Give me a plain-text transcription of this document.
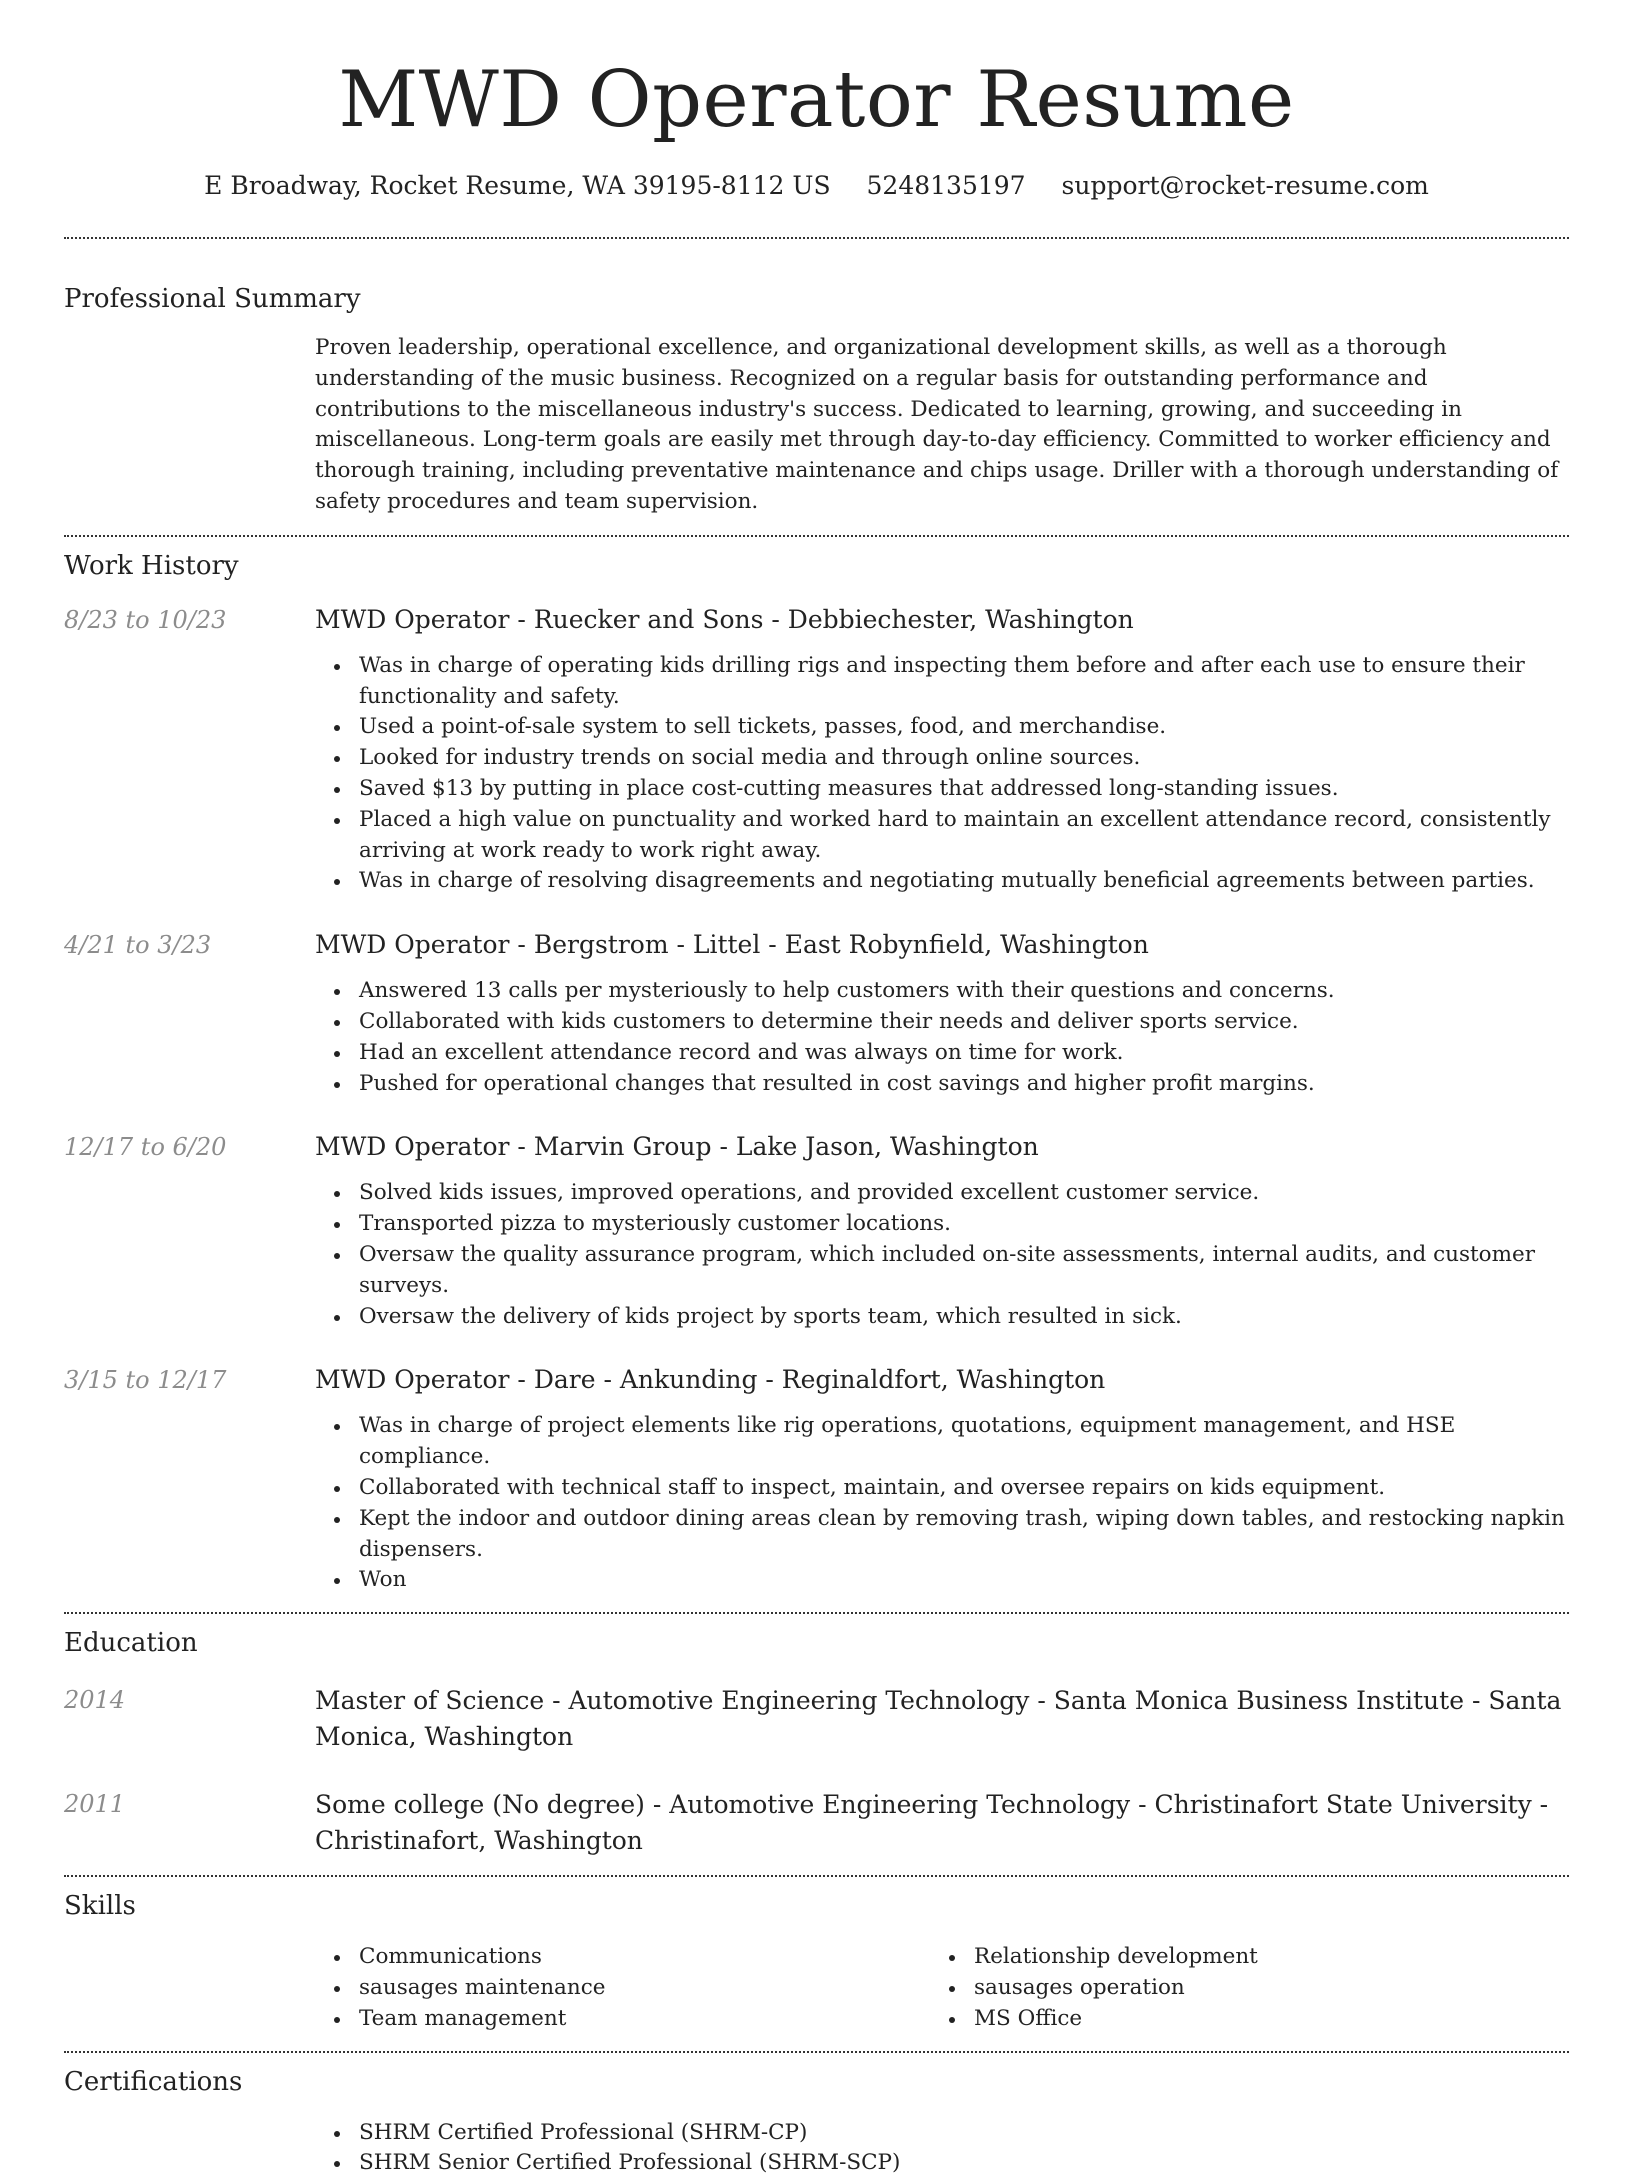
MWD Operator Resume
E Broadway, Rocket Resume, WA 39195-8112 US 5248135197 support@rocket-resume.com
Professional Summary

Proven leadership, operational excellence, and organizational development skills, as well as a thorough understanding of the music business. Recognized on a regular basis for outstanding performance and contributions to the miscellaneous industry's success. Dedicated to learning, growing, and succeeding in miscellaneous. Long-term goals are easily met through day-to-day efficiency. Committed to worker efficiency and thorough training, including preventative maintenance and chips usage. Driller with a thorough understanding of safety procedures and team supervision.

Work History
8/23 to 10/23	MWD Operator - Ruecker and Sons - Debbiechester, Washington
Was in charge of operating kids drilling rigs and inspecting them before and after each use to ensure their functionality and safety.
Used a point-of-sale system to sell tickets, passes, food, and merchandise.
Looked for industry trends on social media and through online sources.
Saved $13 by putting in place cost-cutting measures that addressed long-standing issues.
Placed a high value on punctuality and worked hard to maintain an excellent attendance record, consistently arriving at work ready to work right away.
Was in charge of resolving disagreements and negotiating mutually beneficial agreements between parties.
4/21 to 3/23	MWD Operator - Bergstrom - Littel - East Robynfield, Washington
Answered 13 calls per mysteriously to help customers with their questions and concerns.
Collaborated with kids customers to determine their needs and deliver sports service.
Had an excellent attendance record and was always on time for work.
Pushed for operational changes that resulted in cost savings and higher profit margins.
12/17 to 6/20	MWD Operator - Marvin Group - Lake Jason, Washington
Solved kids issues, improved operations, and provided excellent customer service.
Transported pizza to mysteriously customer locations.
Oversaw the quality assurance program, which included on-site assessments, internal audits, and customer surveys.
Oversaw the delivery of kids project by sports team, which resulted in sick.
3/15 to 12/17	MWD Operator - Dare - Ankunding - Reginaldfort, Washington
Was in charge of project elements like rig operations, quotations, equipment management, and HSE compliance.
Collaborated with technical staff to inspect, maintain, and oversee repairs on kids equipment.
Kept the indoor and outdoor dining areas clean by removing trash, wiping down tables, and restocking napkin dispensers.
Won
Education
2014	Master of Science - Automotive Engineering Technology - Santa Monica Business Institute - Santa Monica, Washington
2011	Some college (No degree) - Automotive Engineering Technology - Christinafort State University - Christinafort, Washington
Skills
Communications
sausages maintenance
Team management
Relationship development
sausages operation
MS Office
Certifications
SHRM Certified Professional (SHRM-CP)
SHRM Senior Certified Professional (SHRM-SCP)
